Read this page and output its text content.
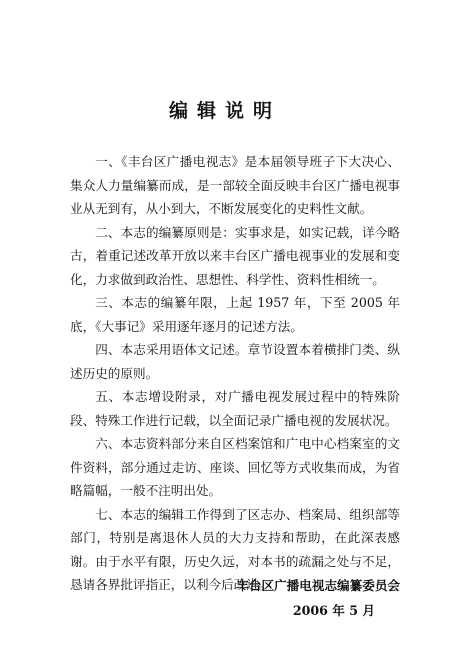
编辑说明

一、《丰台区广播电视志》是本届领导班子下大决心、集众人力量编纂而成，是一部较全面反映丰台区广播电视事业从无到有，从小到大，不断发展变化的史料性文献。

二、本志的编纂原则是：实事求是，如实记载，详今略古，着重记述改革开放以来丰台区广播电视事业的发展和变化，力求做到政治性、思想性、科学性、资料性相统一。

三、本志的编纂年限，上起 1957 年，下至 2005 年底，《大事记》采用逐年逐月的记述方法。

四、本志采用语体文记述。章节设置本着横排门类、纵述历史的原则。

五、本志增设附录，对广播电视发展过程中的特殊阶段、特殊工作进行记载，以全面记录广播电视的发展状况。

六、本志资料部分来自区档案馆和广电中心档案室的文件资料，部分通过走访、座谈、回忆等方式收集而成，为省略篇幅，一般不注明出处。

七、本志的编辑工作得到了区志办、档案局、组织部等部门，特别是离退休人员的大力支持和帮助，在此深表感谢。由于水平有限，历史久远，对本书的疏漏之处与不足，恳请各界批评指正，以利今后改进。

丰台区广播电视志编纂委员会
2006 年 5 月
